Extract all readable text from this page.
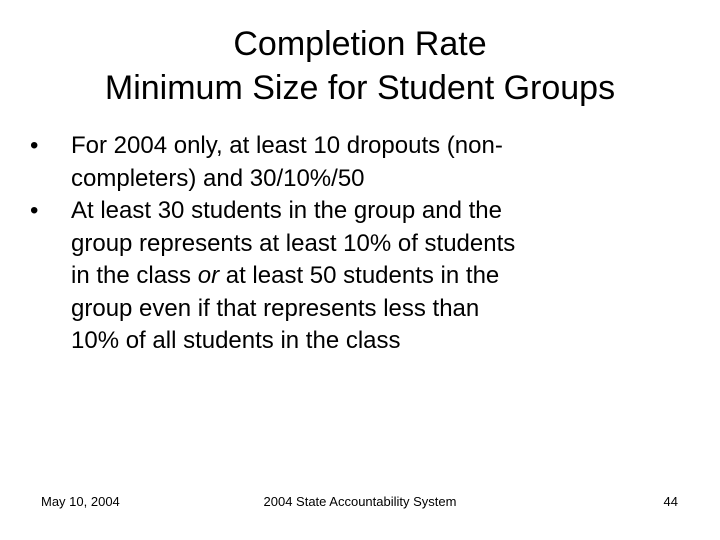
Completion Rate
Minimum Size for Student Groups
•	For 2004 only, at least 10 dropouts (non-
completers) and 30/10%/50
•	At least 30 students in the group and the
group represents at least 10% of students
in the class or at least 50 students in the
group even if that represents less than
10% of all students in the class
May 10, 2004	2004 State Accountability System	44
